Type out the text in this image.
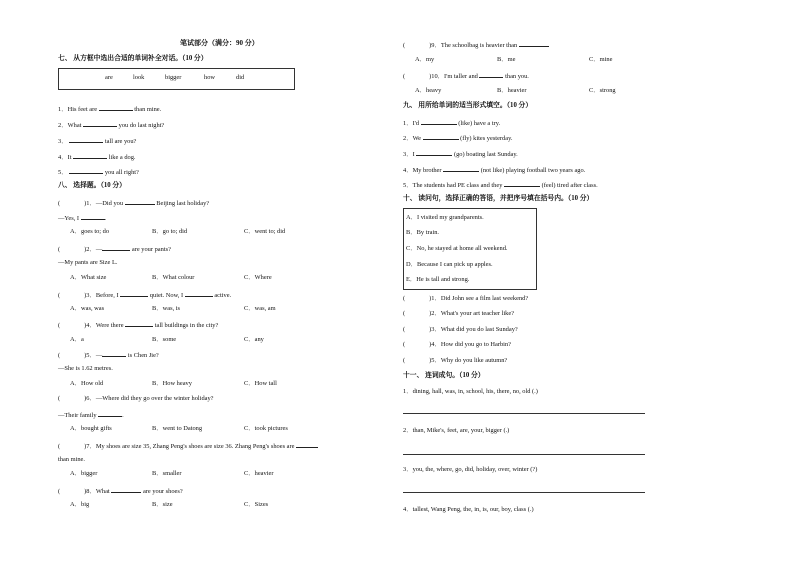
笔试部分（满分：90 分）
七、 从方框中选出合适的单词补全对话。（10 分）
are	look	bigger	how	did
1．His feet are	than mine.
2．What	you do last night?
3．	tall are you?
4．It	like a dog.
5．	you all right?
八、 选择题。（10 分）
(	)1．—Did you	Beijing last holiday?
—Yes, I	.
A．goes to; do	B．go to; did	C．went to; did
(	)2．—	are your pants?
—My pants are Size L.
A．What size	B．What colour	C．Where
(	)3．Before, I	quiet. Now, I	active.
A．was, was	B．was, is	C．was, am
(	)4．Were there	tall buildings in the city?
A．a	B．some	C．any
(	)5．—	is Chen Jie?
—She is 1.62 metres.
A．How old	B．How heavy	C．How tall
(	)6．—Where did they go over the winter holiday?
—Their family	.
A．bought gifts	B．went to Datong	C．took pictures
(	)7．My shoes are size 35, Zhang Peng's shoes are size 36. Zhang Peng's shoes are
than mine.
A．bigger	B．smaller	C．heavier
(	)8．What	are your shoes?
A．big	B．size	C．Sizes
(	)9．The schoolbag is heavier than
A．my	B．me	C．mine
(	)10．I'm taller and	than you.
A．heavy	B．heavier	C．strong
九、 用所给单词的适当形式填空。（10 分）
1．I'd	(like) have a try.
2．We	(fly) kites yesterday.
3．I	(go) boating last Sunday.
4．My brother	(not like) playing football two years ago.
5．The students had PE class and they	(feel) tired after class.
十、 读问句，选择正确的答语，并把序号填在括号内。（10 分）
A．I visited my grandparents.
B．By train.
C．No, he stayed at home all weekend.
D．Because I can pick up apples.
E．He is tall and strong.
(	)1．Did John see a film last weekend?
(	)2．What's your art teacher like?
(	)3．What did you do last Sunday?
(	)4．How did you go to Harbin?
(	)5．Why do you like autumn?
十一、 连词成句。（10 分）
1．dining, hall, was, in, school, his, there, no, old (.)
2．than, Mike's, feet, are, your, bigger (.)
3．you, the, where, go, did, holiday, over, winter (?)
4．tallest, Wang Peng, the, in, is, our, boy, class (.)
